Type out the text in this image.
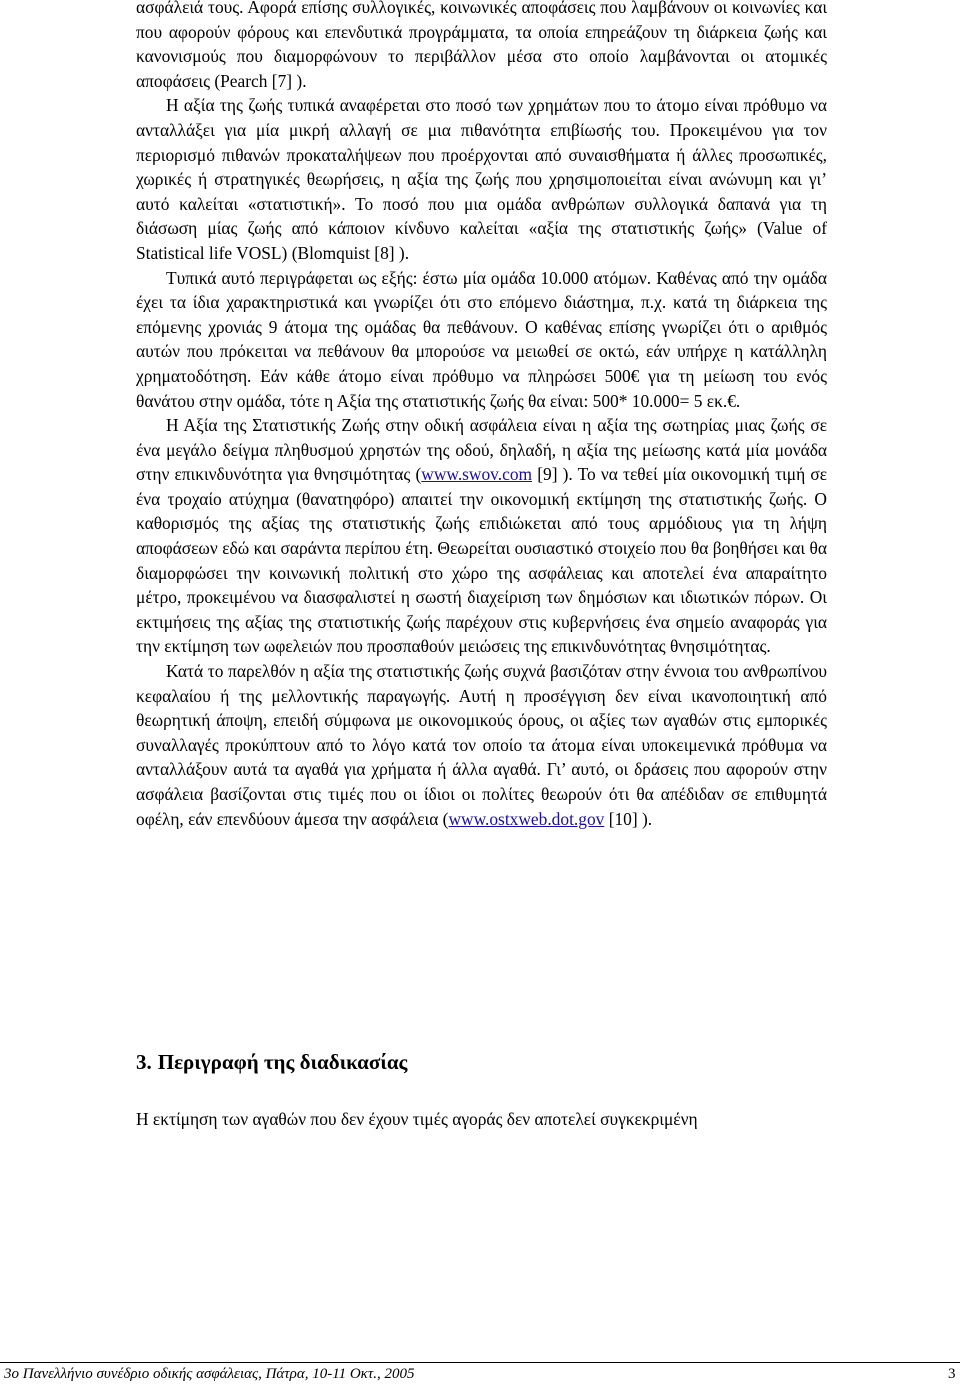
ασφάλειά τους. Αφορά επίσης συλλογικές, κοινωνικές αποφάσεις που λαμβάνουν οι κοινωνίες και που αφορούν φόρους και επενδυτικά προγράμματα, τα οποία επηρεάζουν τη διάρκεια ζωής και κανονισμούς που διαμορφώνουν το περιβάλλον μέσα στο οποίο λαμβάνονται οι ατομικές αποφάσεις (Pearch [7] ).

Η αξία της ζωής τυπικά αναφέρεται στο ποσό των χρημάτων που το άτομο είναι πρόθυμο να ανταλλάξει για μία μικρή αλλαγή σε μια πιθανότητα επιβίωσής του. Προκειμένου για τον περιορισμό πιθανών προκαταλήψεων που προέρχονται από συναισθήματα ή άλλες προσωπικές, χωρικές ή στρατηγικές θεωρήσεις, η αξία της ζωής που χρησιμοποιείται είναι ανώνυμη και γι’ αυτό καλείται «στατιστική». Το ποσό που μια ομάδα ανθρώπων συλλογικά δαπανά για τη διάσωση μίας ζωής από κάποιον κίνδυνο καλείται «αξία της στατιστικής ζωής» (Value of Statistical life VOSL) (Blomquist [8] ).

Τυπικά αυτό περιγράφεται ως εξής: έστω μία ομάδα 10.000 ατόμων. Καθένας από την ομάδα έχει τα ίδια χαρακτηριστικά και γνωρίζει ότι στο επόμενο διάστημα, π.χ. κατά τη διάρκεια της επόμενης χρονιάς 9 άτομα της ομάδας θα πεθάνουν. Ο καθένας επίσης γνωρίζει ότι ο αριθμός αυτών που πρόκειται να πεθάνουν θα μπορούσε να μειωθεί σε οκτώ, εάν υπήρχε η κατάλληλη χρηματοδότηση. Εάν κάθε άτομο είναι πρόθυμο να πληρώσει 500€ για τη μείωση του ενός θανάτου στην ομάδα, τότε η Αξία της στατιστικής ζωής θα είναι: 500* 10.000= 5 εκ.€.

Η Αξία της Στατιστικής Ζωής στην οδική ασφάλεια είναι η αξία της σωτηρίας μιας ζωής σε ένα μεγάλο δείγμα πληθυσμού χρηστών της οδού, δηλαδή, η αξία της μείωσης κατά μία μονάδα στην επικινδυνότητα για θνησιμότητας (www.swov.com [9] ). Το να τεθεί μία οικονομική τιμή σε ένα τροχαίο ατύχημα (θανατηφόρο) απαιτεί την οικονομική εκτίμηση της στατιστικής ζωής. Ο καθορισμός της αξίας της στατιστικής ζωής επιδιώκεται από τους αρμόδιους για τη λήψη αποφάσεων εδώ και σαράντα περίπου έτη. Θεωρείται ουσιαστικό στοιχείο που θα βοηθήσει και θα διαμορφώσει την κοινωνική πολιτική στο χώρο της ασφάλειας και αποτελεί ένα απαραίτητο μέτρο, προκειμένου να διασφαλιστεί η σωστή διαχείριση των δημόσιων και ιδιωτικών πόρων. Οι εκτιμήσεις της αξίας της στατιστικής ζωής παρέχουν στις κυβερνήσεις ένα σημείο αναφοράς για την εκτίμηση των ωφελειών που προσπαθούν μειώσεις της επικινδυνότητας θνησιμότητας.

Κατά το παρελθόν η αξία της στατιστικής ζωής συχνά βασιζόταν στην έννοια του ανθρωπίνου κεφαλαίου ή της μελλοντικής παραγωγής. Αυτή η προσέγγιση δεν είναι ικανοποιητική από θεωρητική άποψη, επειδή σύμφωνα με οικονομικούς όρους, οι αξίες των αγαθών στις εμπορικές συναλλαγές προκύπτουν από το λόγο κατά τον οποίο τα άτομα είναι υποκειμενικά πρόθυμα να ανταλλάξουν αυτά τα αγαθά για χρήματα ή άλλα αγαθά. Γι’ αυτό, οι δράσεις που αφορούν στην ασφάλεια βασίζονται στις τιμές που οι ίδιοι οι πολίτες θεωρούν ότι θα απέδιδαν σε επιθυμητά οφέλη, εάν επενδύουν άμεσα την ασφάλεια (www.ostxweb.dot.gov [10] ).

3. Περιγραφή της διαδικασίας

Η εκτίμηση των αγαθών που δεν έχουν τιμές αγοράς δεν αποτελεί συγκεκριμένη

3ο Πανελλήνιο συνέδριο οδικής ασφάλειας, Πάτρα, 10-11 Οκτ., 2005	3
